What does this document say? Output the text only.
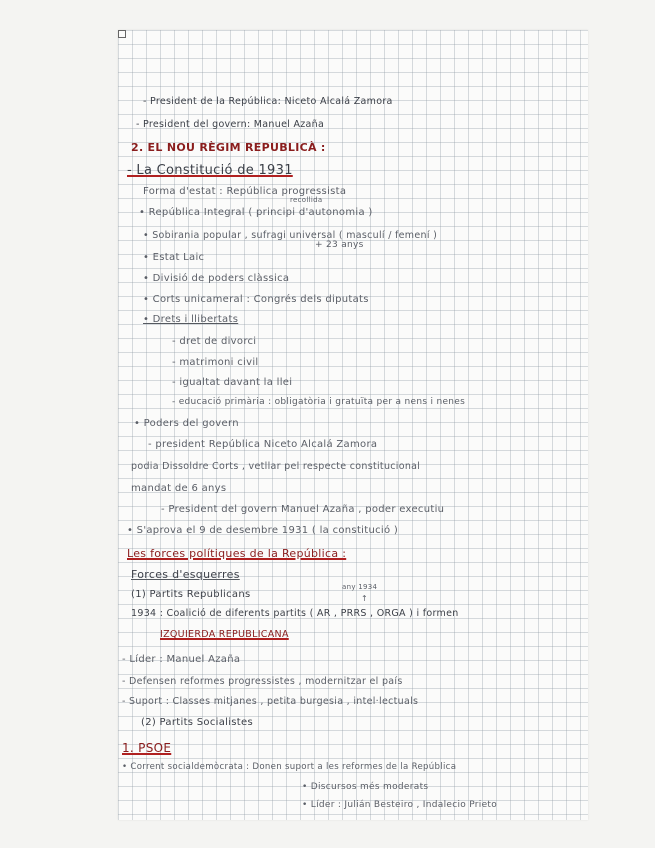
- President de la República: Niceto Alcalá Zamora
- President del govern: Manuel Azaña
2. EL NOU RÈGIM REPUBLICÀ :
- La Constitució de 1931
Forma d'estat : República progressista
recollida
• República Integral ( principi d'autonomia )
• Sobirania popular , sufragi universal ( masculí / femení )
+ 23 anys
• Estat Laic
• Divisió de poders clàssica
• Corts unicameral : Congrés dels diputats
• Drets i llibertats
- dret de divorci
- matrimoni civil
- igualtat davant la llei
- educació primària : obligatòria i gratuïta per a nens i nenes
• Poders del govern
- president República Niceto Alcalá Zamora
podia Dissoldre Corts , vetllar pel respecte constitucional
mandat de 6 anys
- President del govern Manuel Azaña , poder executiu
• S'aprova el 9 de desembre 1931 ( la constitució )
Les forces polítiques de la República :
Forces d'esquerres
(1) Partits Republicans
any 1934
↑
1934 : Coalició de diferents partits ( AR , PRRS , ORGA ) i formen
IZQUIERDA REPUBLICANA
- Líder : Manuel Azaña
- Defensen reformes progressistes , modernitzar el país
- Suport : Classes mitjanes , petita burgesia , intel·lectuals
(2) Partits Socialistes
1. PSOE
• Corrent socialdemòcrata : Donen suport a les reformes de la República
• Discursos més moderats
• Líder : Julián Besteiro , Indalecio Prieto
